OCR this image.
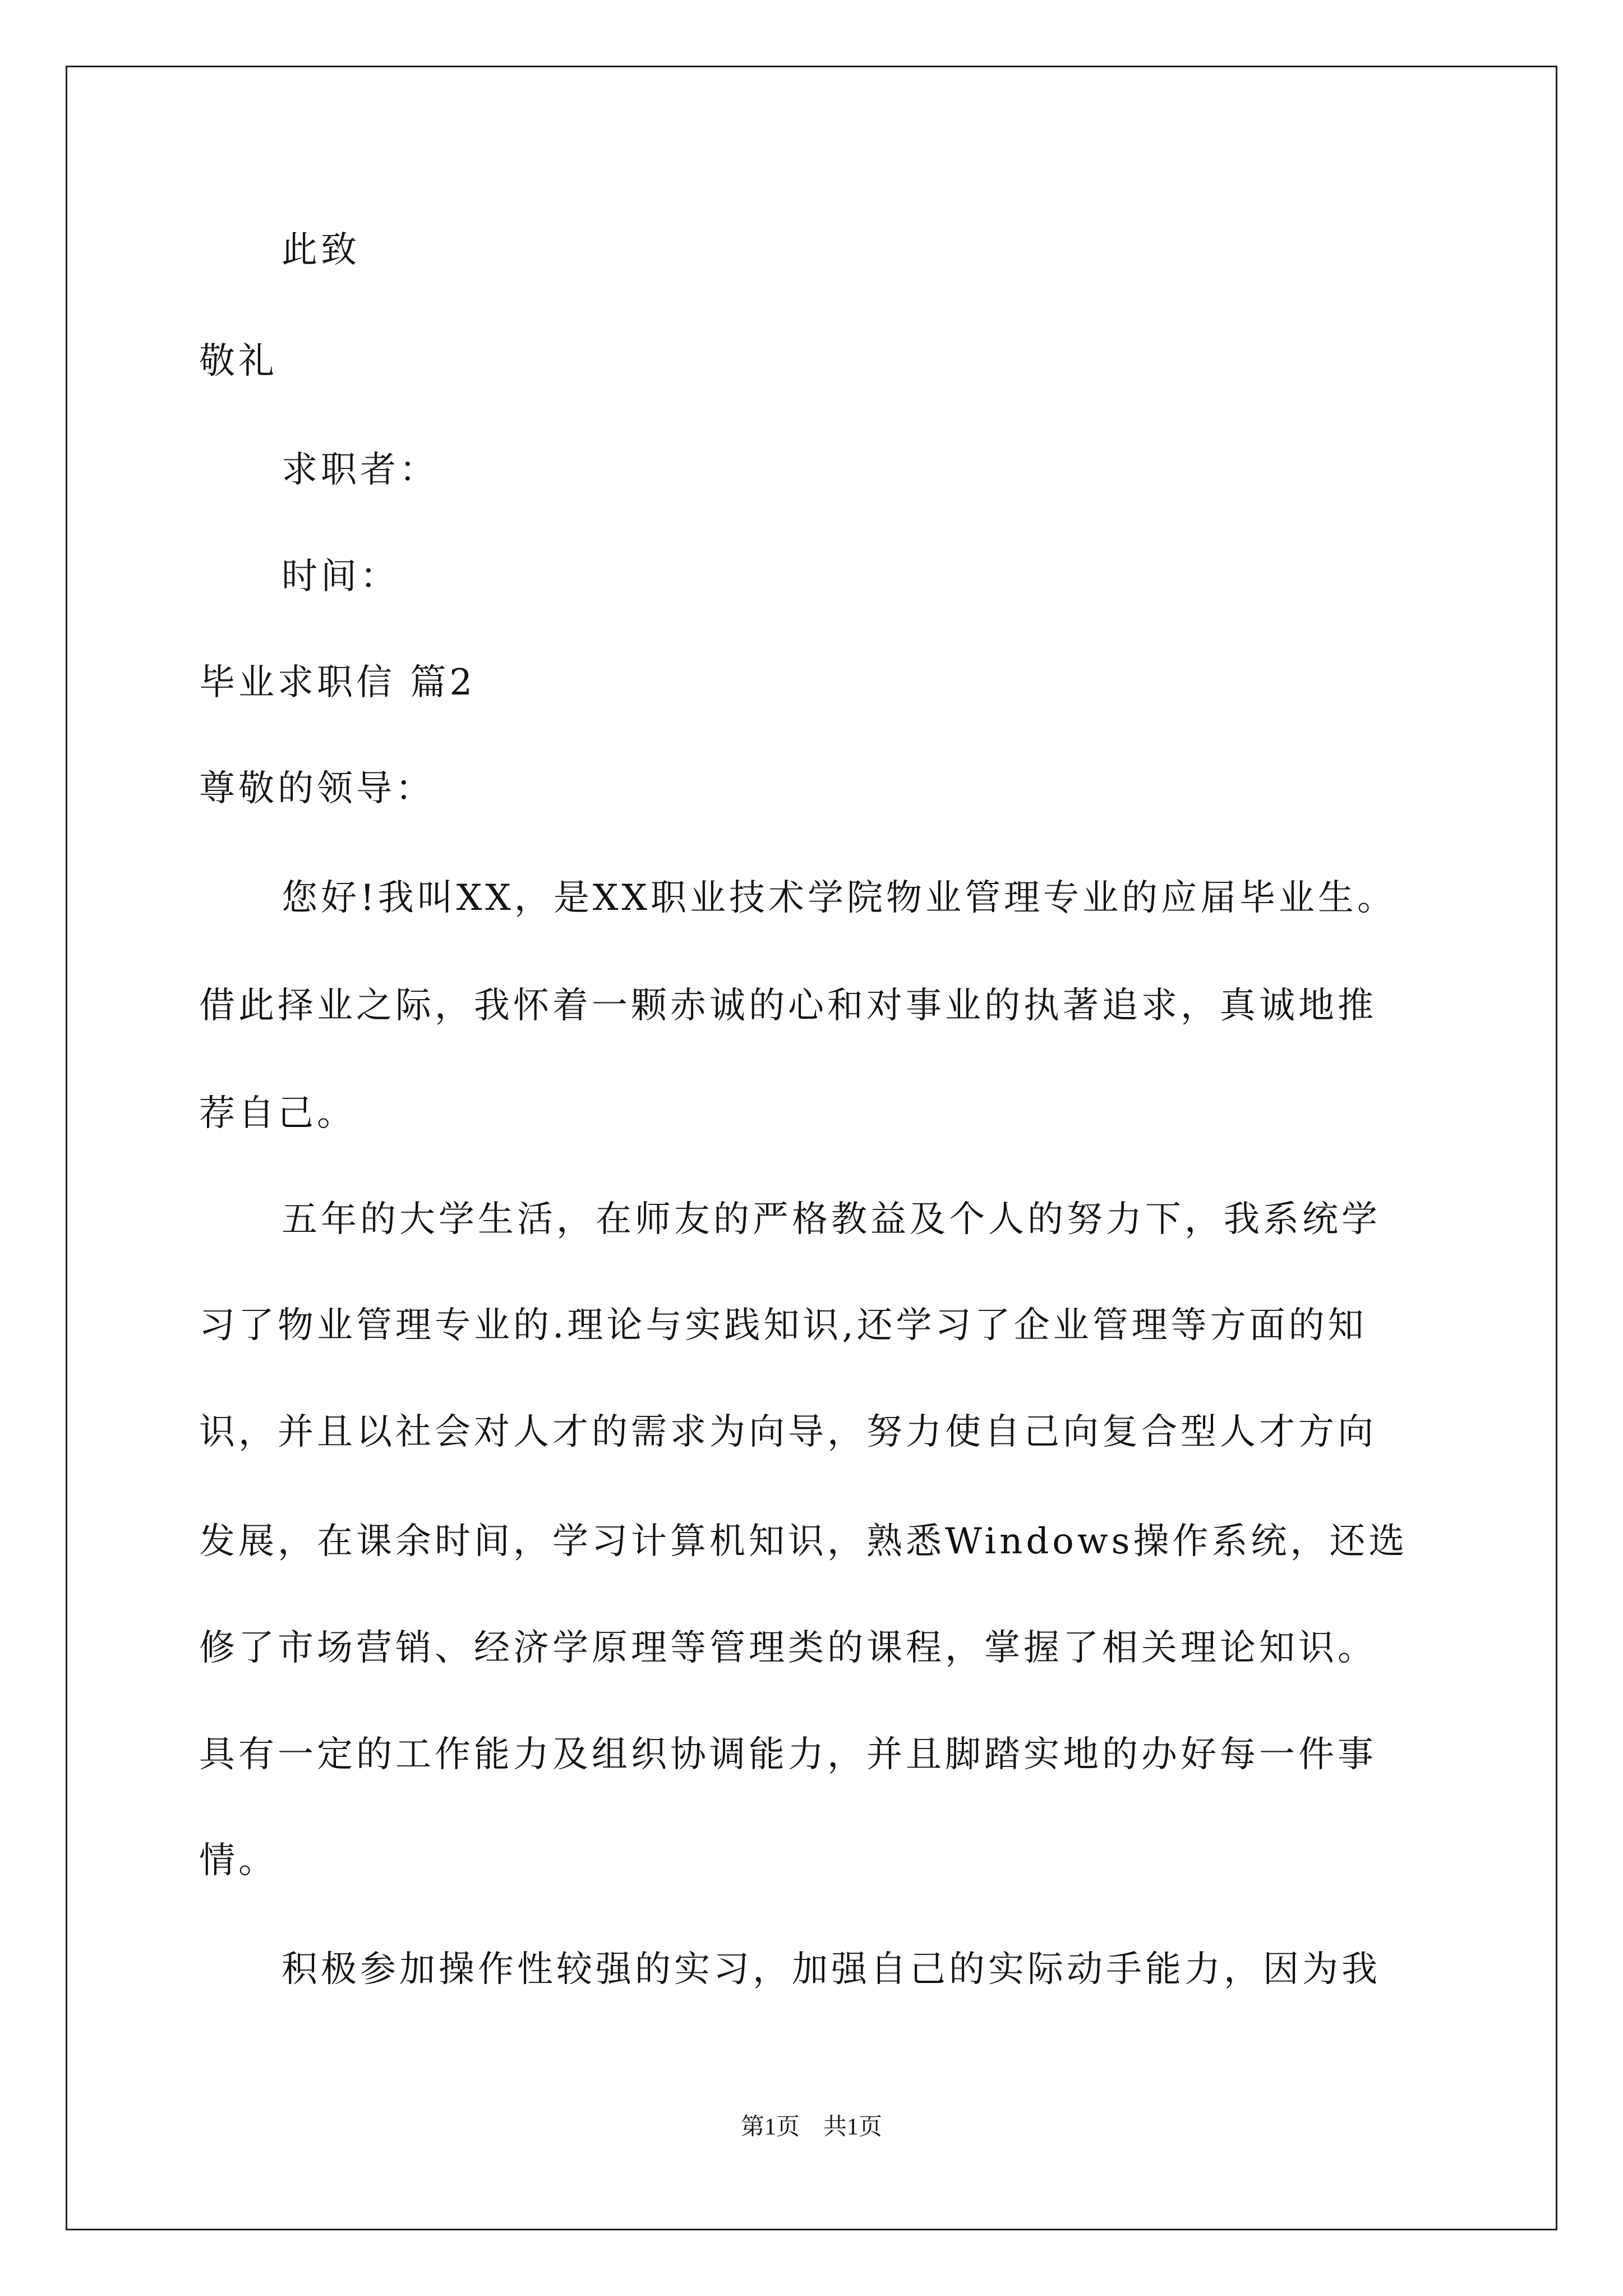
此致
敬礼
求职者：
时间：
毕业求职信 篇2
尊敬的领导：
您好!我叫XX，是XX职业技术学院物业管理专业的应届毕业生。
借此择业之际，我怀着一颗赤诚的心和对事业的执著追求，真诚地推
荐自己。
五年的大学生活，在师友的严格教益及个人的努力下，我系统学
习了物业管理专业的.理论与实践知识,还学习了企业管理等方面的知
识，并且以社会对人才的需求为向导，努力使自己向复合型人才方向
发展，在课余时间，学习计算机知识，熟悉Windows操作系统，还选
修了市场营销、经济学原理等管理类的课程，掌握了相关理论知识。
具有一定的工作能力及组织协调能力，并且脚踏实地的办好每一件事
情。
积极参加操作性较强的实习，加强自己的实际动手能力，因为我
第1页　共1页
